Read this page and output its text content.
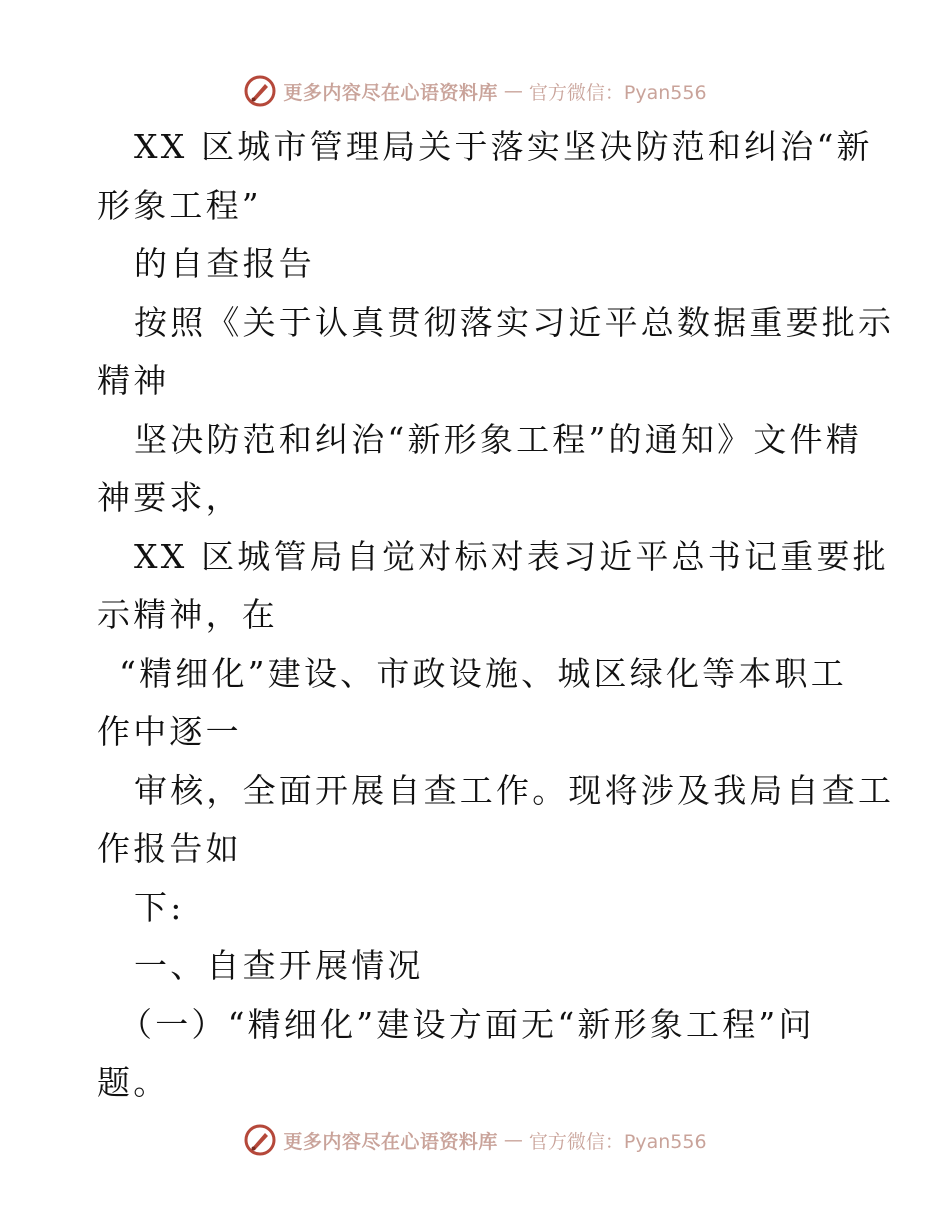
更多内容尽在心语资料库 — 官方微信：Pyan556
XX 区城市管理局关于落实坚决防范和纠治“新
形象工程”
的自查报告
按照《关于认真贯彻落实习近平总数据重要批示
精神
坚决防范和纠治“新形象工程”的通知》文件精
神要求，
XX 区城管局自觉对标对表习近平总书记重要批
示精神，在
“精细化”建设、市政设施、城区绿化等本职工
作中逐一
审核，全面开展自查工作。现将涉及我局自查工
作报告如
下:
一、自查开展情况
（一）“精细化”建设方面无“新形象工程”问
题。
更多内容尽在心语资料库 — 官方微信：Pyan556
